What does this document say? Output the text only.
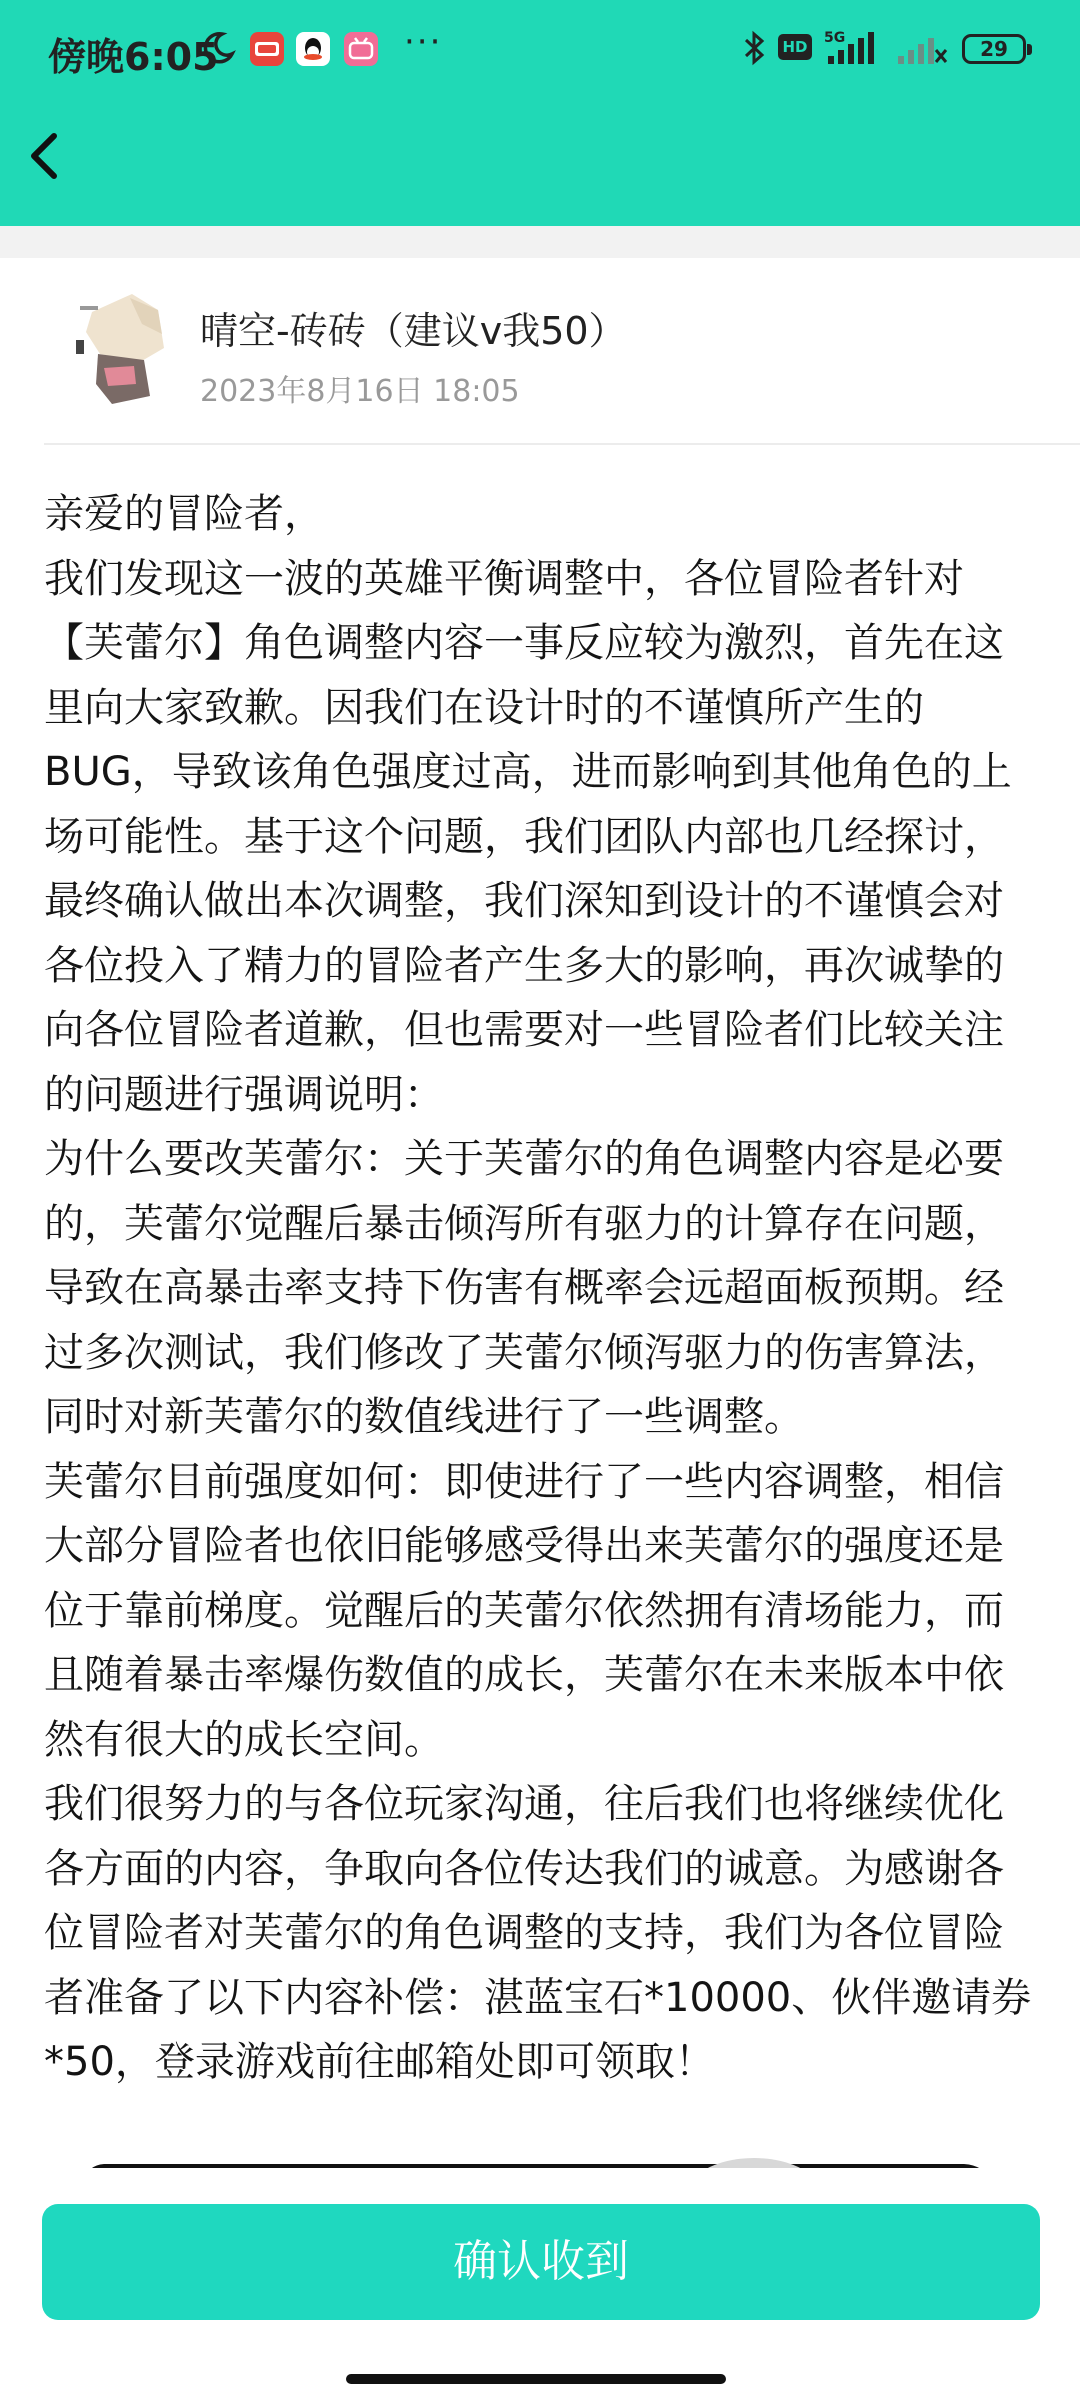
傍晚6:05	···	HD	5G	29
晴空-砖砖（建议v我50）
2023年8月16日 18:05
亲爱的冒险者，
我们发现这一波的英雄平衡调整中，各位冒险者针对【芙蕾尔】角色调整内容一事反应较为激烈，首先在这里向大家致歉。因我们在设计时的不谨慎所产生的BUG，导致该角色强度过高，进而影响到其他角色的上场可能性。基于这个问题，我们团队内部也几经探讨，最终确认做出本次调整，我们深知到设计的不谨慎会对各位投入了精力的冒险者产生多大的影响，再次诚挚的向各位冒险者道歉，但也需要对一些冒险者们比较关注的问题进行强调说明：
为什么要改芙蕾尔：关于芙蕾尔的角色调整内容是必要的，芙蕾尔觉醒后暴击倾泻所有驱力的计算存在问题，导致在高暴击率支持下伤害有概率会远超面板预期。经过多次测试，我们修改了芙蕾尔倾泻驱力的伤害算法，同时对新芙蕾尔的数值线进行了一些调整。
芙蕾尔目前强度如何：即使进行了一些内容调整，相信大部分冒险者也依旧能够感受得出来芙蕾尔的强度还是位于靠前梯度。觉醒后的芙蕾尔依然拥有清场能力，而且随着暴击率爆伤数值的成长，芙蕾尔在未来版本中依然有很大的成长空间。
我们很努力的与各位玩家沟通，往后我们也将继续优化各方面的内容，争取向各位传达我们的诚意。为感谢各位冒险者对芙蕾尔的角色调整的支持，我们为各位冒险者准备了以下内容补偿：湛蓝宝石*10000、伙伴邀请券*50，登录游戏前往邮箱处即可领取！
确认收到
